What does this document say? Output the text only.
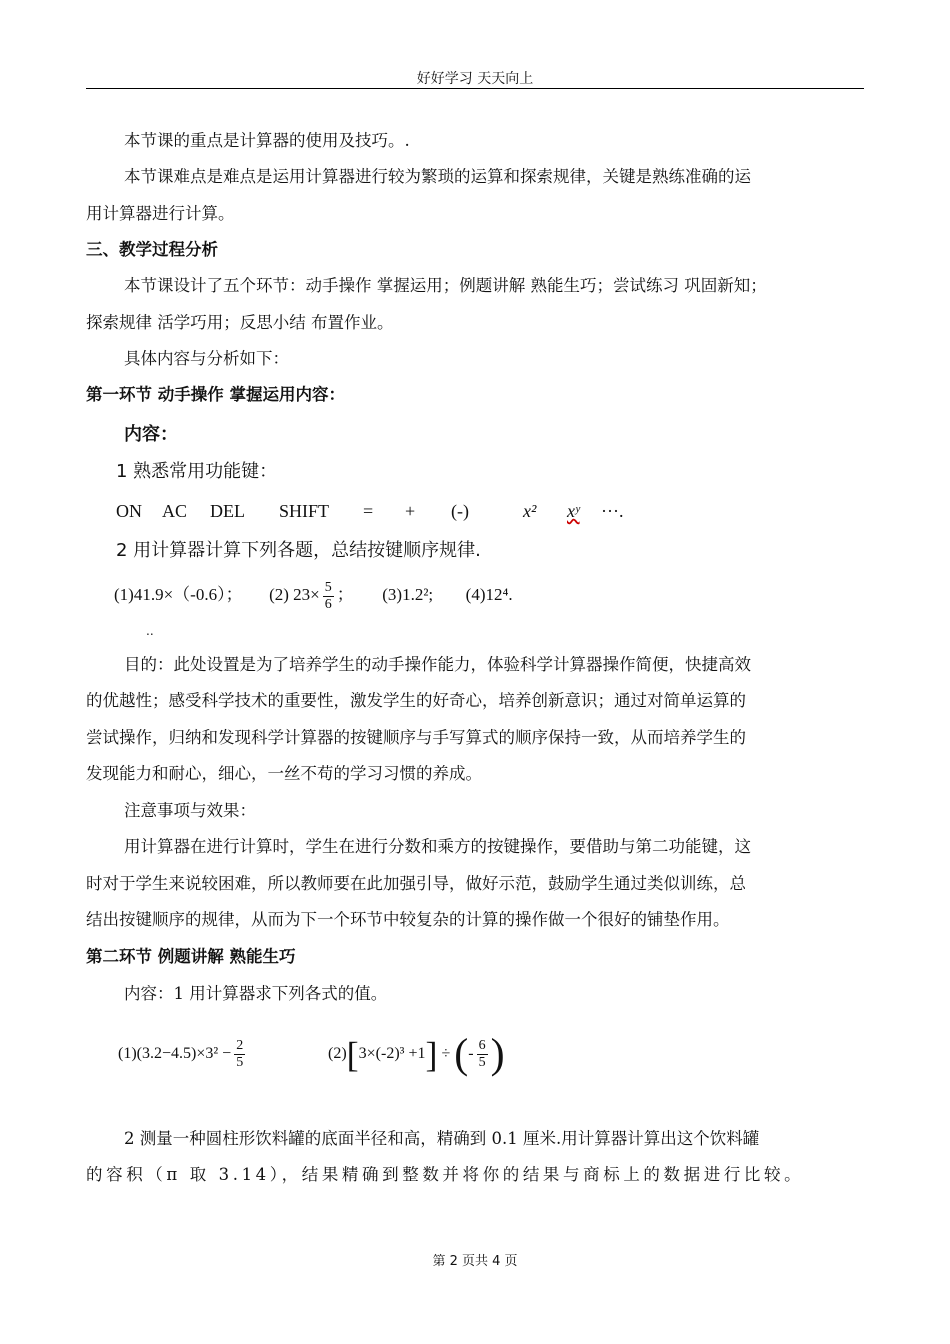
好好学习 天天向上
本节课的重点是计算器的使用及技巧。.
本节课难点是难点是运用计算器进行较为繁琐的运算和探索规律，关键是熟练准确的运
用计算器进行计算。
三、教学过程分析
本节课设计了五个环节：动手操作 掌握运用；例题讲解 熟能生巧；尝试练习 巩固新知；
探索规律 活学巧用；反思小结 布置作业。
具体内容与分析如下：
第一环节 动手操作 掌握运用内容：
内容：
1 熟悉常用功能键：
ON AC DEL SHIFT = + (-)	x² xʸ ···.
2 用计算器计算下列各题，总结按键顺序规律.
(1)41.9×（-0.6）； (2) $23\times \frac{5}{6}$ ； (3)1.2²; (4)12⁴.
..
目的：此处设置是为了培养学生的动手操作能力，体验科学计算器操作简便，快捷高效
的优越性；感受科学技术的重要性，激发学生的好奇心，培养创新意识；通过对简单运算的
尝试操作，归纳和发现科学计算器的按键顺序与手写算式的顺序保持一致，从而培养学生的
发现能力和耐心，细心，一丝不苟的学习习惯的养成。
注意事项与效果：
用计算器在进行计算时，学生在进行分数和乘方的按键操作，要借助与第二功能键，这
时对于学生来说较困难，所以教师要在此加强引导，做好示范，鼓励学生通过类似训练，总
结出按键顺序的规律，从而为下一个环节中较复杂的计算的操作做一个很好的铺垫作用。
第二环节 例题讲解 熟能生巧
内容：1 用计算器求下列各式的值。
$(1)(3.2-4.5)\times 3^2 - \frac{2}{5}$	(2)[3×(-2)³ +1] ÷ (- $\frac{6}{5}$ )
2 测量一种圆柱形饮料罐的底面半径和高，精确到 0.1 厘米.用计算器计算出这个饮料罐
的容积（π 取 3.14），结果精确到整数并将你的结果与商标上的数据进行比较。
第 2 页共 4 页
